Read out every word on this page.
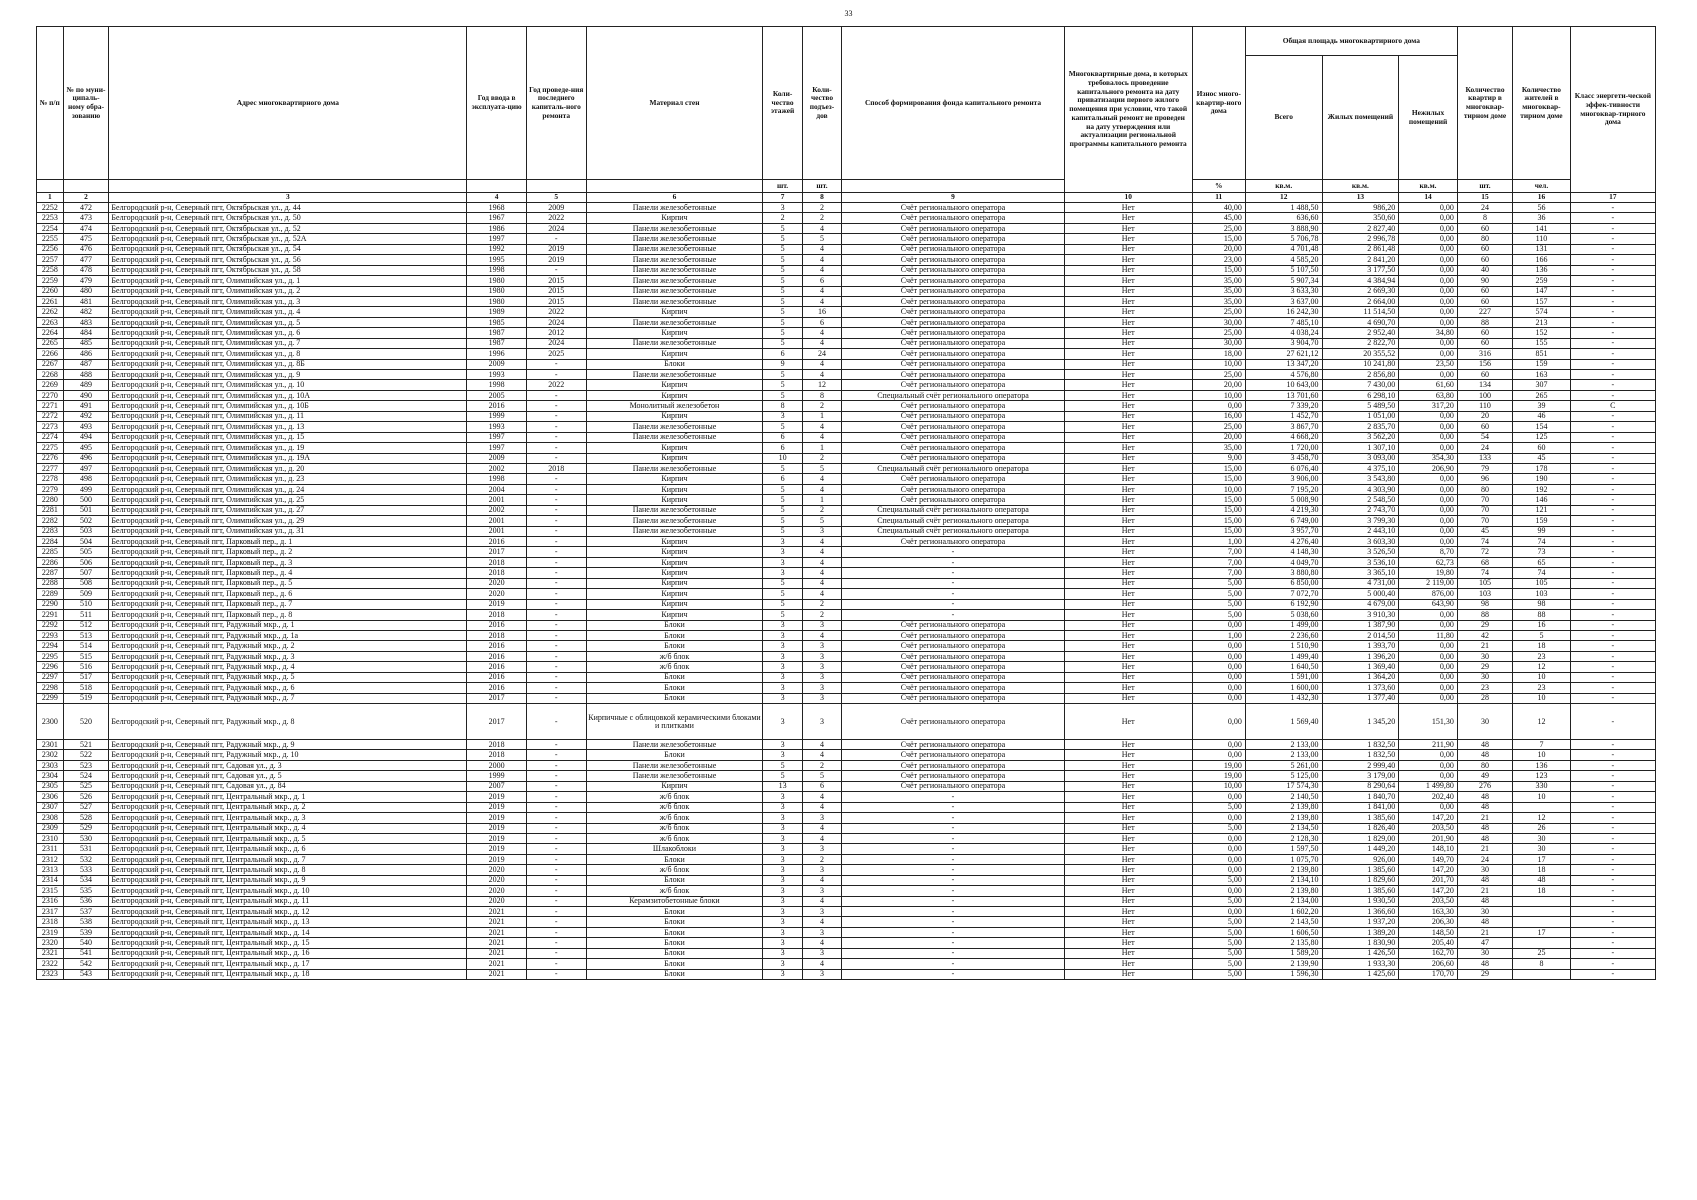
33
№ п/п	№ по муни-ципаль-ному обра-зованию	Адрес многоквартирного дома	Год ввода в эксплуата-цию	Год проведе-ния последнего капиталь-ного ремонта	Материал стен	Коли-чество этажей	Коли-чество подъез-дов	Способ формирования фонда капитального ремонта	Многоквартирные дома, в которых требовалось проведение капитального ремонта на дату приватизации первого жилого помещения при условии, что такой капитальный ремонт не проведен на дату утверждения или актуализации региональной программы капитального ремонта	Износ много-квартир-ного дома	Общая площадь многоквартирного дома			Количество квартир в многоквар-тирном доме	Количество жителей в многоквар-тирном доме	Класс энергети-ческой эффек-тивности многоквар-тирного дома
											Всего	Жилых помещений	Нежилых помещений			
						шт.	шт.			%	кв.м.	кв.м.	кв.м.	шт.	чел.	
1	2	3	4	5	6	7	8	9	10	11	12	13	14	15	16	17
2252	472	Белгородский р-н, Северный пгт, Октябрьская ул., д. 44	1968	2009	Панели железобетонные	3	2	Счёт регионального оператора	Нет	40,00	1 488,50	986,20	0,00	24	56	-
2253	473	Белгородский р-н, Северный пгт, Октябрьская ул., д. 50	1967	2022	Кирпич	2	2	Счёт регионального оператора	Нет	45,00	636,60	350,60	0,00	8	36	-
2254	474	Белгородский р-н, Северный пгт, Октябрьская ул., д. 52	1986	2024	Панели железобетонные	5	4	Счёт регионального оператора	Нет	25,00	3 888,90	2 827,40	0,00	60	141	-
2255	475	Белгородский р-н, Северный пгт, Октябрьская ул., д. 52А	1997	-	Панели железобетонные	5	5	Счёт регионального оператора	Нет	15,00	5 706,78	2 996,78	0,00	80	110	-
2256	476	Белгородский р-н, Северный пгт, Октябрьская ул., д. 54	1992	2019	Панели железобетонные	5	4	Счёт регионального оператора	Нет	20,00	4 701,48	2 861,48	0,00	60	131	-
2257	477	Белгородский р-н, Северный пгт, Октябрьская ул., д. 56	1995	2019	Панели железобетонные	5	4	Счёт регионального оператора	Нет	23,00	4 585,20	2 841,20	0,00	60	166	-
2258	478	Белгородский р-н, Северный пгт, Октябрьская ул., д. 58	1998	-	Панели железобетонные	5	4	Счёт регионального оператора	Нет	15,00	5 107,50	3 177,50	0,00	40	136	-
2259	479	Белгородский р-н, Северный пгт, Олимпийская ул., д. 1	1980	2015	Панели железобетонные	5	6	Счёт регионального оператора	Нет	35,00	5 907,34	4 384,94	0,00	90	259	-
2260	480	Белгородский р-н, Северный пгт, Олимпийская ул., д. 2	1980	2015	Панели железобетонные	5	4	Счёт регионального оператора	Нет	35,00	3 633,30	2 669,30	0,00	60	147	-
2261	481	Белгородский р-н, Северный пгт, Олимпийская ул., д. 3	1980	2015	Панели железобетонные	5	4	Счёт регионального оператора	Нет	35,00	3 637,00	2 664,00	0,00	60	157	-
2262	482	Белгородский р-н, Северный пгт, Олимпийская ул., д. 4	1989	2022	Кирпич	5	16	Счёт регионального оператора	Нет	25,00	16 242,30	11 514,50	0,00	227	574	-
2263	483	Белгородский р-н, Северный пгт, Олимпийская ул., д. 5	1985	2024	Панели железобетонные	5	6	Счёт регионального оператора	Нет	30,00	7 485,10	4 690,70	0,00	88	213	-
2264	484	Белгородский р-н, Северный пгт, Олимпийская ул., д. 6	1987	2012	Кирпич	5	4	Счёт регионального оператора	Нет	25,00	4 038,24	2 952,40	34,80	60	152	-
2265	485	Белгородский р-н, Северный пгт, Олимпийская ул., д. 7	1987	2024	Панели железобетонные	5	4	Счёт регионального оператора	Нет	30,00	3 904,70	2 822,70	0,00	60	155	-
2266	486	Белгородский р-н, Северный пгт, Олимпийская ул., д. 8	1996	2025	Кирпич	6	24	Счёт регионального оператора	Нет	18,00	27 621,12	20 355,52	0,00	316	851	-
2267	487	Белгородский р-н, Северный пгт, Олимпийская ул., д. 8Б	2009	-	Блоки	9	4	Счёт регионального оператора	Нет	10,00	13 347,20	10 241,80	23,50	156	159	-
2268	488	Белгородский р-н, Северный пгт, Олимпийская ул., д. 9	1993	-	Панели железобетонные	5	4	Счёт регионального оператора	Нет	25,00	4 576,80	2 856,80	0,00	60	163	-
2269	489	Белгородский р-н, Северный пгт, Олимпийская ул., д. 10	1998	2022	Кирпич	5	12	Счёт регионального оператора	Нет	20,00	10 643,00	7 430,00	61,60	134	307	-
2270	490	Белгородский р-н, Северный пгт, Олимпийская ул., д. 10А	2005	-	Кирпич	5	8	Специальный счёт регионального оператора	Нет	10,00	13 701,60	6 298,10	63,80	100	265	-
2271	491	Белгородский р-н, Северный пгт, Олимпийская ул., д. 10Б	2016	-	Монолитный железобетон	8	2	Счёт регионального оператора	Нет	0,00	7 339,20	5 489,50	317,20	110	39	С
2272	492	Белгородский р-н, Северный пгт, Олимпийская ул., д. 11	1999	-	Кирпич	3	1	Счёт регионального оператора	Нет	16,00	1 452,70	1 051,00	0,00	20	46	-
2273	493	Белгородский р-н, Северный пгт, Олимпийская ул., д. 13	1993	-	Панели железобетонные	5	4	Счёт регионального оператора	Нет	25,00	3 867,70	2 835,70	0,00	60	154	-
2274	494	Белгородский р-н, Северный пгт, Олимпийская ул., д. 15	1997	-	Панели железобетонные	6	4	Счёт регионального оператора	Нет	20,00	4 668,20	3 562,20	0,00	54	125	-
2275	495	Белгородский р-н, Северный пгт, Олимпийская ул., д. 19	1997	-	Кирпич	6	1	Счёт регионального оператора	Нет	35,00	1 720,00	1 307,10	0,00	24	60	-
2276	496	Белгородский р-н, Северный пгт, Олимпийская ул., д. 19А	2009	-	Кирпич	10	2	Счёт регионального оператора	Нет	9,00	3 458,70	3 093,00	354,30	133	45	-
2277	497	Белгородский р-н, Северный пгт, Олимпийская ул., д. 20	2002	2018	Панели железобетонные	5	5	Специальный счёт регионального оператора	Нет	15,00	6 076,40	4 375,10	206,90	79	178	-
2278	498	Белгородский р-н, Северный пгт, Олимпийская ул., д. 23	1998	-	Кирпич	6	4	Счёт регионального оператора	Нет	15,00	3 906,00	3 543,80	0,00	96	190	-
2279	499	Белгородский р-н, Северный пгт, Олимпийская ул., д. 24	2004	-	Кирпич	5	4	Счёт регионального оператора	Нет	10,00	7 195,20	4 303,90	0,00	80	192	-
2280	500	Белгородский р-н, Северный пгт, Олимпийская ул., д. 25	2001	-	Кирпич	5	1	Счёт регионального оператора	Нет	15,00	5 008,90	2 548,50	0,00	70	146	-
2281	501	Белгородский р-н, Северный пгт, Олимпийская ул., д. 27	2002	-	Панели железобетонные	5	2	Специальный счёт регионального оператора	Нет	15,00	4 219,30	2 743,70	0,00	70	121	-
2282	502	Белгородский р-н, Северный пгт, Олимпийская ул., д. 29	2001	-	Панели железобетонные	5	5	Специальный счёт регионального оператора	Нет	15,00	6 749,00	3 799,30	0,00	70	159	-
2283	503	Белгородский р-н, Северный пгт, Олимпийская ул., д. 31	2001	-	Панели железобетонные	5	3	Специальный счёт регионального оператора	Нет	15,00	3 957,70	2 443,10	0,00	45	99	-
2284	504	Белгородский р-н, Северный пгт, Парковый пер., д. 1	2016	-	Кирпич	3	4	Счёт регионального оператора	Нет	1,00	4 276,40	3 603,30	0,00	74	74	-
2285	505	Белгородский р-н, Северный пгт, Парковый пер., д. 2	2017	-	Кирпич	3	4	-	Нет	7,00	4 148,30	3 526,50	8,70	72	73	-
2286	506	Белгородский р-н, Северный пгт, Парковый пер., д. 3	2018	-	Кирпич	3	4	-	Нет	7,00	4 049,70	3 536,10	62,73	68	65	-
2287	507	Белгородский р-н, Северный пгт, Парковый пер., д. 4	2018	-	Кирпич	3	4	-	Нет	7,00	3 880,80	3 365,10	19,80	74	74	-
2288	508	Белгородский р-н, Северный пгт, Парковый пер., д. 5	2020	-	Кирпич	5	4	-	Нет	5,00	6 850,00	4 731,00	2 119,00	105	105	-
2289	509	Белгородский р-н, Северный пгт, Парковый пер., д. 6	2020	-	Кирпич	5	4	-	Нет	5,00	7 072,70	5 000,40	876,00	103	103	-
2290	510	Белгородский р-н, Северный пгт, Парковый пер., д. 7	2019	-	Кирпич	5	2	-	Нет	5,00	6 192,90	4 679,00	643,90	98	98	-
2291	511	Белгородский р-н, Северный пгт, Парковый пер., д. 8	2018	-	Кирпич	5	2	-	Нет	5,00	5 038,60	3 910,30	0,00	88	88	-
2292	512	Белгородский р-н, Северный пгт, Радужный мкр., д. 1	2016	-	Блоки	3	3	Счёт регионального оператора	Нет	0,00	1 499,00	1 387,90	0,00	29	16	-
2293	513	Белгородский р-н, Северный пгт, Радужный мкр., д. 1а	2018	-	Блоки	3	4	Счёт регионального оператора	Нет	1,00	2 236,60	2 014,50	11,80	42	5	-
2294	514	Белгородский р-н, Северный пгт, Радужный мкр., д. 2	2016	-	Блоки	3	3	Счёт регионального оператора	Нет	0,00	1 510,90	1 393,70	0,00	21	18	-
2295	515	Белгородский р-н, Северный пгт, Радужный мкр., д. 3	2016	-	ж/б блок	3	3	Счёт регионального оператора	Нет	0,00	1 499,40	1 396,20	0,00	30	23	-
2296	516	Белгородский р-н, Северный пгт, Радужный мкр., д. 4	2016	-	ж/б блок	3	3	Счёт регионального оператора	Нет	0,00	1 640,50	1 369,40	0,00	29	12	-
2297	517	Белгородский р-н, Северный пгт, Радужный мкр., д. 5	2016	-	Блоки	3	3	Счёт регионального оператора	Нет	0,00	1 591,00	1 364,20	0,00	30	10	-
2298	518	Белгородский р-н, Северный пгт, Радужный мкр., д. 6	2016	-	Блоки	3	3	Счёт регионального оператора	Нет	0,00	1 600,00	1 373,60	0,00	23	23	-
2299	519	Белгородский р-н, Северный пгт, Радужный мкр., д. 7	2017	-	Блоки	3	3	Счёт регионального оператора	Нет	0,00	1 432,30	1 377,40	0,00	28	10	-
2300	520	Белгородский р-н, Северный пгт, Радужный мкр., д. 8	2017	-	Кирпичные с облицовкой керамическими блоками и плитками	3	3	Счёт регионального оператора	Нет	0,00	1 569,40	1 345,20	151,30	30	12	-
2301	521	Белгородский р-н, Северный пгт, Радужный мкр., д. 9	2018	-	Панели железобетонные	3	4	Счёт регионального оператора	Нет	0,00	2 133,00	1 832,50	211,90	48	7	-
2302	522	Белгородский р-н, Северный пгт, Радужный мкр., д. 10	2018	-	Блоки	3	4	Счёт регионального оператора	Нет	0,00	2 133,00	1 832,50	0,00	48	10	-
2303	523	Белгородский р-н, Северный пгт, Садовая ул., д. 3	2000	-	Панели железобетонные	5	2	Счёт регионального оператора	Нет	19,00	5 261,00	2 999,40	0,00	80	136	-
2304	524	Белгородский р-н, Северный пгт, Садовая ул., д. 5	1999	-	Панели железобетонные	5	5	Счёт регионального оператора	Нет	19,00	5 125,00	3 179,00	0,00	49	123	-
2305	525	Белгородский р-н, Северный пгт, Садовая ул., д. 84	2007	-	Кирпич	13	6	Счёт регионального оператора	Нет	10,00	17 574,30	8 290,64	1 499,80	276	330	-
2306	526	Белгородский р-н, Северный пгт, Центральный мкр., д. 1	2019	-	ж/б блок	3	4	-	Нет	0,00	2 140,50	1 840,70	202,40	48	10	-
2307	527	Белгородский р-н, Северный пгт, Центральный мкр., д. 2	2019	-	ж/б блок	3	4	-	Нет	5,00	2 139,80	1 841,00	0,00	48		-
2308	528	Белгородский р-н, Северный пгт, Центральный мкр., д. 3	2019	-	ж/б блок	3	3	-	Нет	0,00	2 139,80	1 385,60	147,20	21	12	-
2309	529	Белгородский р-н, Северный пгт, Центральный мкр., д. 4	2019	-	ж/б блок	3	4	-	Нет	5,00	2 134,50	1 826,40	203,50	48	26	-
2310	530	Белгородский р-н, Северный пгт, Центральный мкр., д. 5	2019	-	ж/б блок	3	4	-	Нет	0,00	2 128,30	1 829,00	201,90	48	30	-
2311	531	Белгородский р-н, Северный пгт, Центральный мкр., д. 6	2019	-	Шлакоблоки	3	3	-	Нет	0,00	1 597,50	1 449,20	148,10	21	30	-
2312	532	Белгородский р-н, Северный пгт, Центральный мкр., д. 7	2019	-	Блоки	3	2	-	Нет	0,00	1 075,70	926,00	149,70	24	17	-
2313	533	Белгородский р-н, Северный пгт, Центральный мкр., д. 8	2020	-	ж/б блок	3	3	-	Нет	0,00	2 139,80	1 385,60	147,20	30	18	-
2314	534	Белгородский р-н, Северный пгт, Центральный мкр., д. 9	2020	-	Блоки	3	4	-	Нет	5,00	2 134,10	1 829,60	201,70	48	48	-
2315	535	Белгородский р-н, Северный пгт, Центральный мкр., д. 10	2020	-	ж/б блок	3	3	-	Нет	0,00	2 139,80	1 385,60	147,20	21	18	-
2316	536	Белгородский р-н, Северный пгт, Центральный мкр., д. 11	2020	-	Керамзитобетонные блоки	3	4	-	Нет	5,00	2 134,00	1 930,50	203,50	48		-
2317	537	Белгородский р-н, Северный пгт, Центральный мкр., д. 12	2021	-	Блоки	3	3	-	Нет	0,00	1 602,20	1 366,60	163,30	30		-
2318	538	Белгородский р-н, Северный пгт, Центральный мкр., д. 13	2021	-	Блоки	3	4	-	Нет	5,00	2 143,50	1 937,20	206,30	48		-
2319	539	Белгородский р-н, Северный пгт, Центральный мкр., д. 14	2021	-	Блоки	3	3	-	Нет	5,00	1 606,50	1 389,20	148,50	21	17	-
2320	540	Белгородский р-н, Северный пгт, Центральный мкр., д. 15	2021	-	Блоки	3	4	-	Нет	5,00	2 135,80	1 830,90	205,40	47		-
2321	541	Белгородский р-н, Северный пгт, Центральный мкр., д. 16	2021	-	Блоки	3	3	-	Нет	5,00	1 589,20	1 426,50	162,70	30	25	-
2322	542	Белгородский р-н, Северный пгт, Центральный мкр., д. 17	2021	-	Блоки	3	4	-	Нет	5,00	2 139,90	1 933,30	206,60	48	8	-
2323	543	Белгородский р-н, Северный пгт, Центральный мкр., д. 18	2021	-	Блоки	3	3	-	Нет	5,00	1 596,30	1 425,60	170,70	29		-
